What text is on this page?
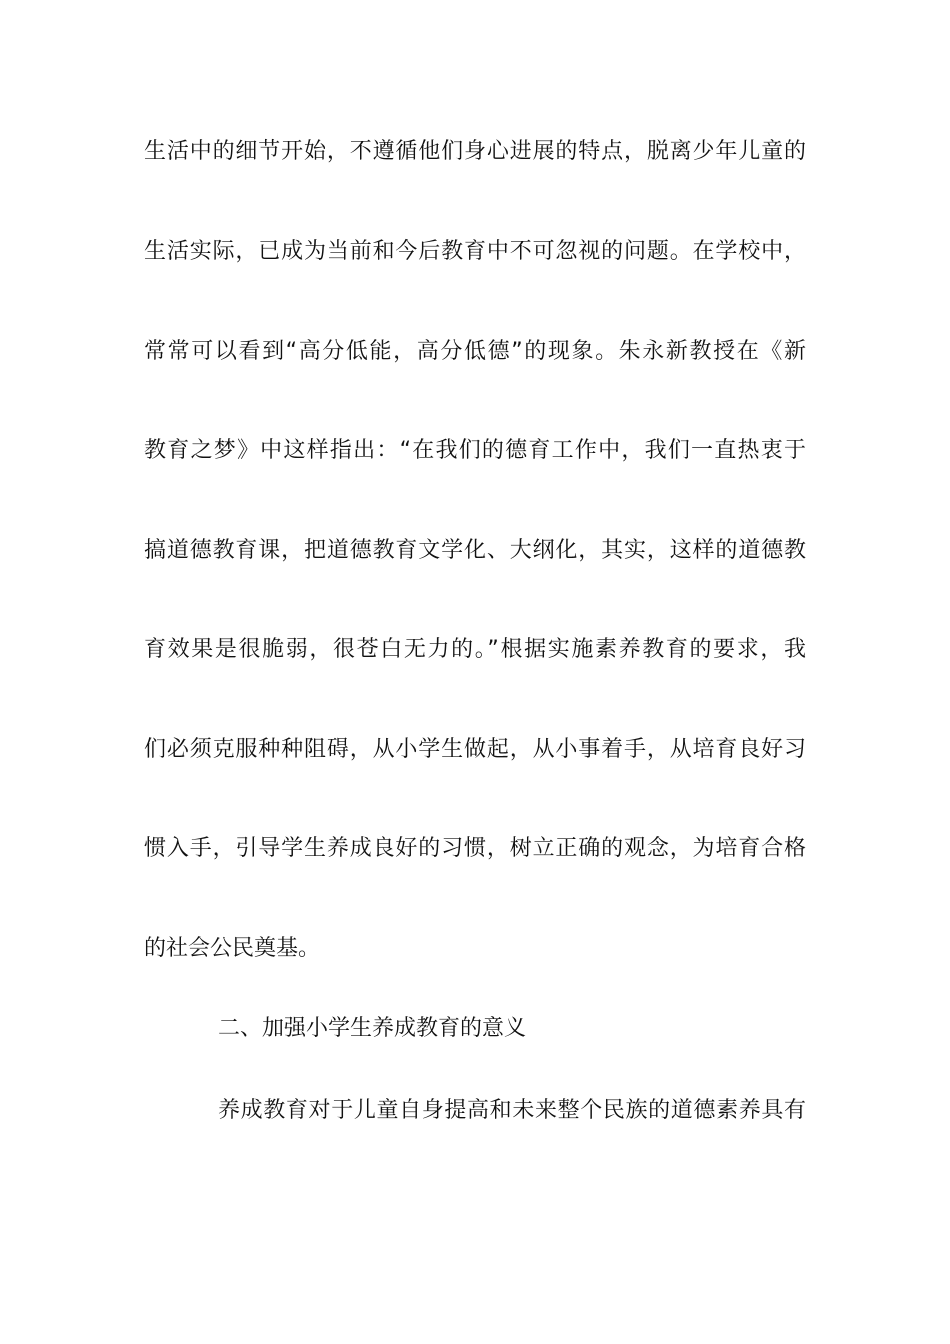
生活中的细节开始，不遵循他们身心进展的特点，脱离少年儿童的
生活实际，已成为当前和今后教育中不可忽视的问题。在学校中，
常常可以看到“高分低能，高分低德”的现象。朱永新教授在《新
教育之梦》中这样指出：“在我们的德育工作中，我们一直热衷于
搞道德教育课，把道德教育文学化、大纲化，其实，这样的道德教
育效果是很脆弱，很苍白无力的。”根据实施素养教育的要求，我
们必须克服种种阻碍，从小学生做起，从小事着手，从培育良好习
惯入手，引导学生养成良好的习惯，树立正确的观念，为培育合格
的社会公民奠基。
二、加强小学生养成教育的意义
养成教育对于儿童自身提高和未来整个民族的道德素养具有
